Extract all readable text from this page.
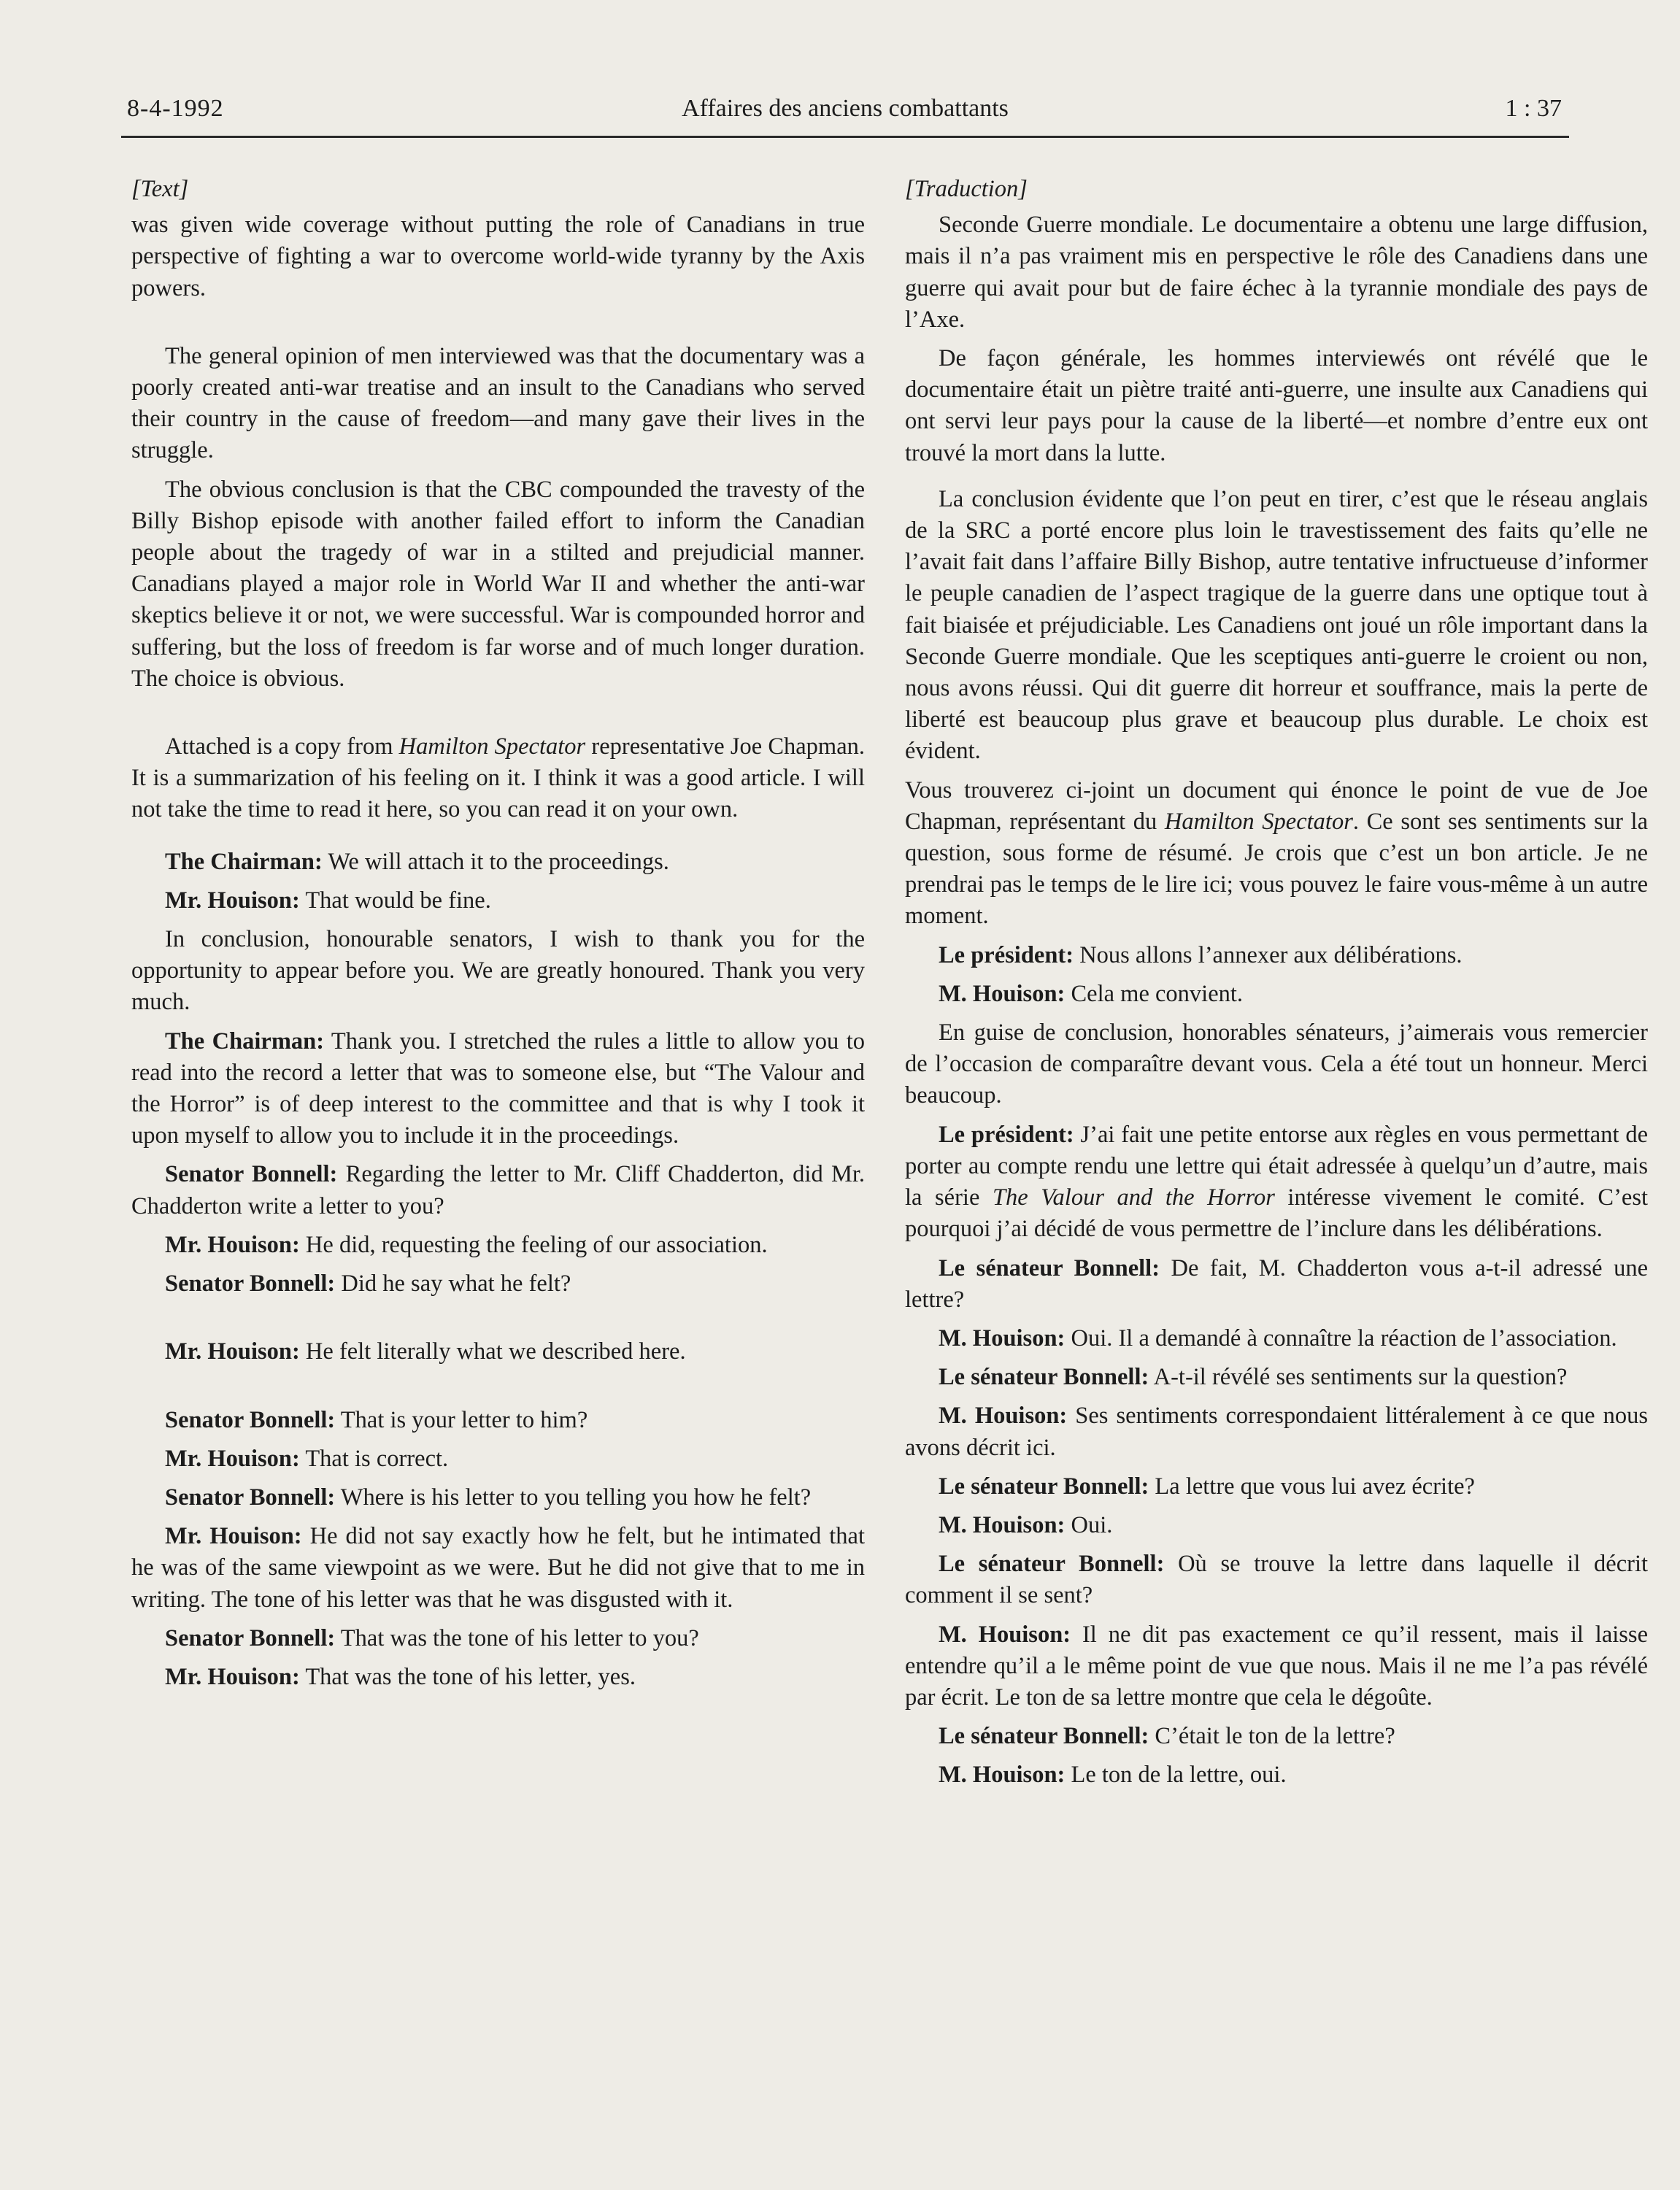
8-4-1992	Affaires des anciens combattants	1 : 37

[Text]

was given wide coverage without putting the role of Canadians in true perspective of fighting a war to overcome world-wide tyranny by the Axis powers.

The general opinion of men interviewed was that the documentary was a poorly created anti-war treatise and an insult to the Canadians who served their country in the cause of freedom—and many gave their lives in the struggle.

The obvious conclusion is that the CBC compounded the travesty of the Billy Bishop episode with another failed effort to inform the Canadian people about the tragedy of war in a stilted and prejudicial manner. Canadians played a major role in World War II and whether the anti-war skeptics believe it or not, we were successful. War is compounded horror and suffering, but the loss of freedom is far worse and of much longer duration. The choice is obvious.

Attached is a copy from Hamilton Spectator representative Joe Chapman. It is a summarization of his feeling on it. I think it was a good article. I will not take the time to read it here, so you can read it on your own.

The Chairman: We will attach it to the proceedings.

Mr. Houison: That would be fine.

In conclusion, honourable senators, I wish to thank you for the opportunity to appear before you. We are greatly honoured. Thank you very much.

The Chairman: Thank you. I stretched the rules a little to allow you to read into the record a letter that was to someone else, but “The Valour and the Horror” is of deep interest to the committee and that is why I took it upon myself to allow you to include it in the proceedings.

Senator Bonnell: Regarding the letter to Mr. Cliff Chadderton, did Mr. Chadderton write a letter to you?

Mr. Houison: He did, requesting the feeling of our association.

Senator Bonnell: Did he say what he felt?

Mr. Houison: He felt literally what we described here.

Senator Bonnell: That is your letter to him?

Mr. Houison: That is correct.

Senator Bonnell: Where is his letter to you telling you how he felt?

Mr. Houison: He did not say exactly how he felt, but he intimated that he was of the same viewpoint as we were. But he did not give that to me in writing. The tone of his letter was that he was disgusted with it.

Senator Bonnell: That was the tone of his letter to you?

Mr. Houison: That was the tone of his letter, yes.

[Traduction]

Seconde Guerre mondiale. Le documentaire a obtenu une large diffusion, mais il n’a pas vraiment mis en perspective le rôle des Canadiens dans une guerre qui avait pour but de faire échec à la tyrannie mondiale des pays de l’Axe.

De façon générale, les hommes interviewés ont révélé que le documentaire était un piètre traité anti-guerre, une insulte aux Canadiens qui ont servi leur pays pour la cause de la liberté—et nombre d’entre eux ont trouvé la mort dans la lutte.

La conclusion évidente que l’on peut en tirer, c’est que le réseau anglais de la SRC a porté encore plus loin le travestissement des faits qu’elle ne l’avait fait dans l’affaire Billy Bishop, autre tentative infructueuse d’informer le peuple canadien de l’aspect tragique de la guerre dans une optique tout à fait biaisée et préjudiciable. Les Canadiens ont joué un rôle important dans la Seconde Guerre mondiale. Que les sceptiques anti-guerre le croient ou non, nous avons réussi. Qui dit guerre dit horreur et souffrance, mais la perte de liberté est beaucoup plus grave et beaucoup plus durable. Le choix est évident.

Vous trouverez ci-joint un document qui énonce le point de vue de Joe Chapman, représentant du Hamilton Spectator. Ce sont ses sentiments sur la question, sous forme de résumé. Je crois que c’est un bon article. Je ne prendrai pas le temps de le lire ici; vous pouvez le faire vous-même à un autre moment.

Le président: Nous allons l’annexer aux délibérations.

M. Houison: Cela me convient.

En guise de conclusion, honorables sénateurs, j’aimerais vous remercier de l’occasion de comparaître devant vous. Cela a été tout un honneur. Merci beaucoup.

Le président: J’ai fait une petite entorse aux règles en vous permettant de porter au compte rendu une lettre qui était adressée à quelqu’un d’autre, mais la série The Valour and the Horror intéresse vivement le comité. C’est pourquoi j’ai décidé de vous permettre de l’inclure dans les délibérations.

Le sénateur Bonnell: De fait, M. Chadderton vous a-t-il adressé une lettre?

M. Houison: Oui. Il a demandé à connaître la réaction de l’association.

Le sénateur Bonnell: A-t-il révélé ses sentiments sur la question?

M. Houison: Ses sentiments correspondaient littéralement à ce que nous avons décrit ici.

Le sénateur Bonnell: La lettre que vous lui avez écrite?

M. Houison: Oui.

Le sénateur Bonnell: Où se trouve la lettre dans laquelle il décrit comment il se sent?

M. Houison: Il ne dit pas exactement ce qu’il ressent, mais il laisse entendre qu’il a le même point de vue que nous. Mais il ne me l’a pas révélé par écrit. Le ton de sa lettre montre que cela le dégoûte.

Le sénateur Bonnell: C’était le ton de la lettre?

M. Houison: Le ton de la lettre, oui.
